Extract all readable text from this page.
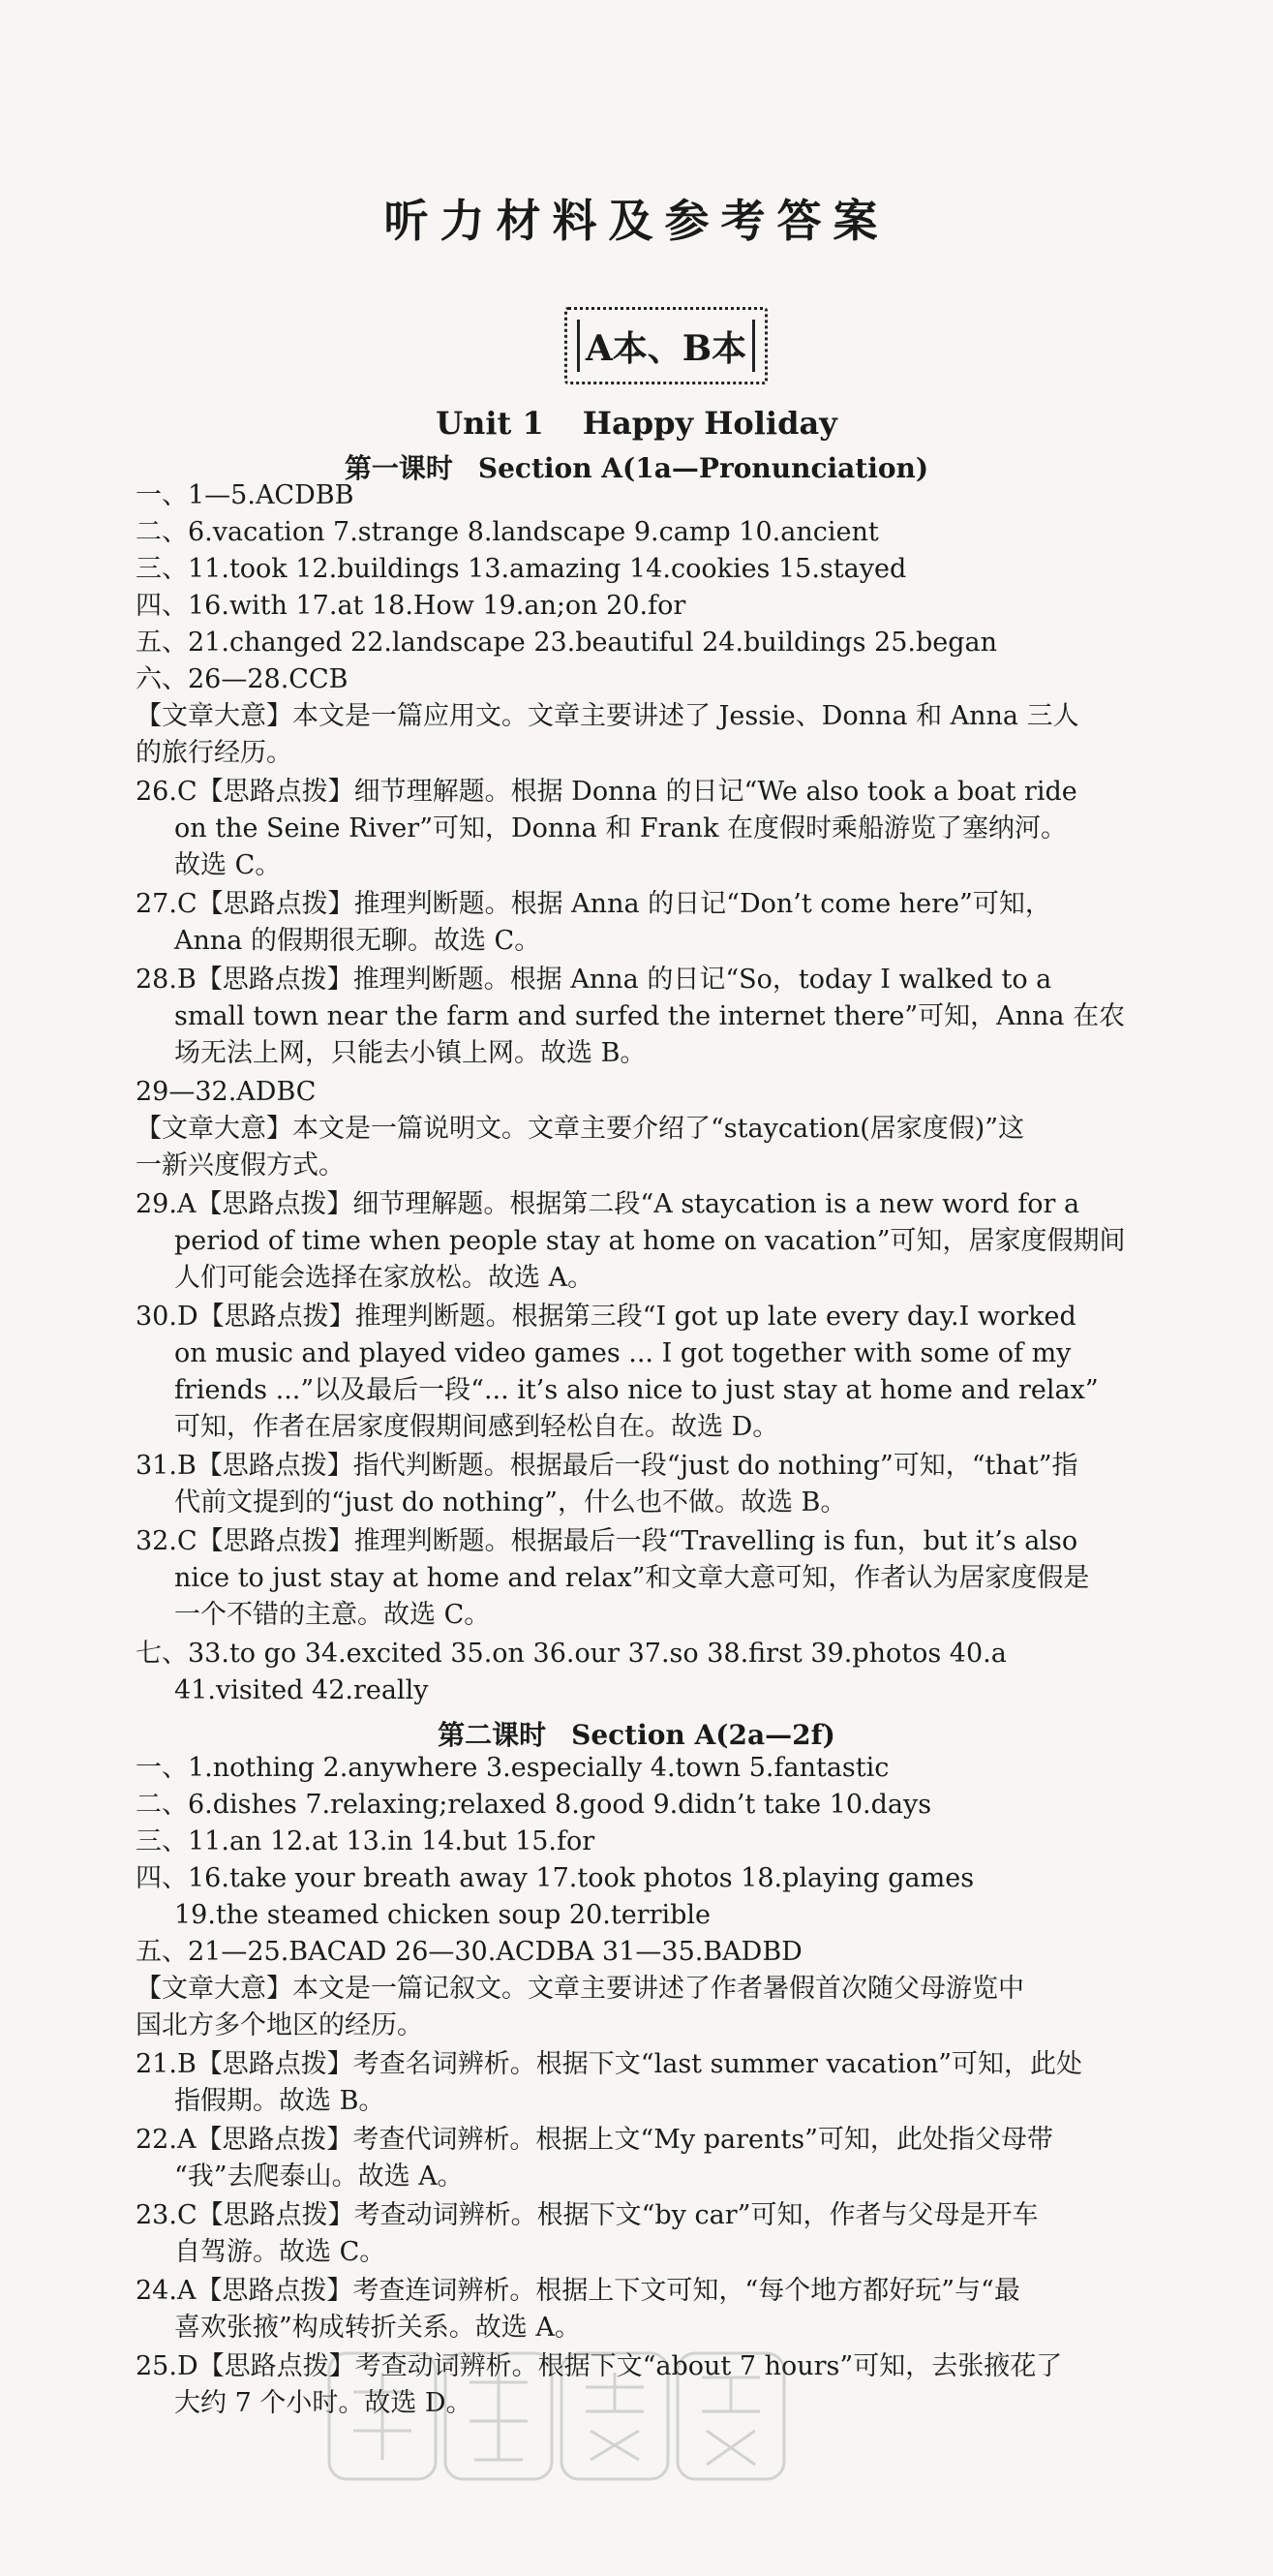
听力材料及参考答案
A本、B本
Unit 1 Happy Holiday
第一课时 Section A(1a—Pronunciation)
一、1—5.ACDBB
二、6.vacation 7.strange 8.landscape 9.camp 10.ancient
三、11.took 12.buildings 13.amazing 14.cookies 15.stayed
四、16.with 17.at 18.How 19.an;on 20.for
五、21.changed 22.landscape 23.beautiful 24.buildings 25.began
六、26—28.CCB
【文章大意】本文是一篇应用文。文章主要讲述了 Jessie、Donna 和 Anna 三人
的旅行经历。
26.C【思路点拨】细节理解题。根据 Donna 的日记“We also took a boat ride
on the Seine River”可知，Donna 和 Frank 在度假时乘船游览了塞纳河。
故选 C。
27.C【思路点拨】推理判断题。根据 Anna 的日记“Don’t come here”可知，
Anna 的假期很无聊。故选 C。
28.B【思路点拨】推理判断题。根据 Anna 的日记“So，today I walked to a
small town near the farm and surfed the internet there”可知，Anna 在农
场无法上网，只能去小镇上网。故选 B。
29—32.ADBC
【文章大意】本文是一篇说明文。文章主要介绍了“staycation(居家度假)”这
一新兴度假方式。
29.A【思路点拨】细节理解题。根据第二段“A staycation is a new word for a
period of time when people stay at home on vacation”可知，居家度假期间
人们可能会选择在家放松。故选 A。
30.D【思路点拨】推理判断题。根据第三段“I got up late every day.I worked
on music and played video games ... I got together with some of my
friends ...”以及最后一段“... it’s also nice to just stay at home and relax”
可知，作者在居家度假期间感到轻松自在。故选 D。
31.B【思路点拨】指代判断题。根据最后一段“just do nothing”可知，“that”指
代前文提到的“just do nothing”，什么也不做。故选 B。
32.C【思路点拨】推理判断题。根据最后一段“Travelling is fun，but it’s also
nice to just stay at home and relax”和文章大意可知，作者认为居家度假是
一个不错的主意。故选 C。
七、33.to go 34.excited 35.on 36.our 37.so 38.first 39.photos 40.a
41.visited 42.really
第二课时 Section A(2a—2f)
一、1.nothing 2.anywhere 3.especially 4.town 5.fantastic
二、6.dishes 7.relaxing;relaxed 8.good 9.didn’t take 10.days
三、11.an 12.at 13.in 14.but 15.for
四、16.take your breath away 17.took photos 18.playing games
19.the steamed chicken soup 20.terrible
五、21—25.BACAD 26—30.ACDBA 31—35.BADBD
【文章大意】本文是一篇记叙文。文章主要讲述了作者暑假首次随父母游览中
国北方多个地区的经历。
21.B【思路点拨】考查名词辨析。根据下文“last summer vacation”可知，此处
指假期。故选 B。
22.A【思路点拨】考查代词辨析。根据上文“My parents”可知，此处指父母带
“我”去爬泰山。故选 A。
23.C【思路点拨】考查动词辨析。根据下文“by car”可知，作者与父母是开车
自驾游。故选 C。
24.A【思路点拨】考查连词辨析。根据上下文可知，“每个地方都好玩”与“最
喜欢张掖”构成转折关系。故选 A。
25.D【思路点拨】考查动词辨析。根据下文“about 7 hours”可知，去张掖花了
大约 7 个小时。故选 D。
